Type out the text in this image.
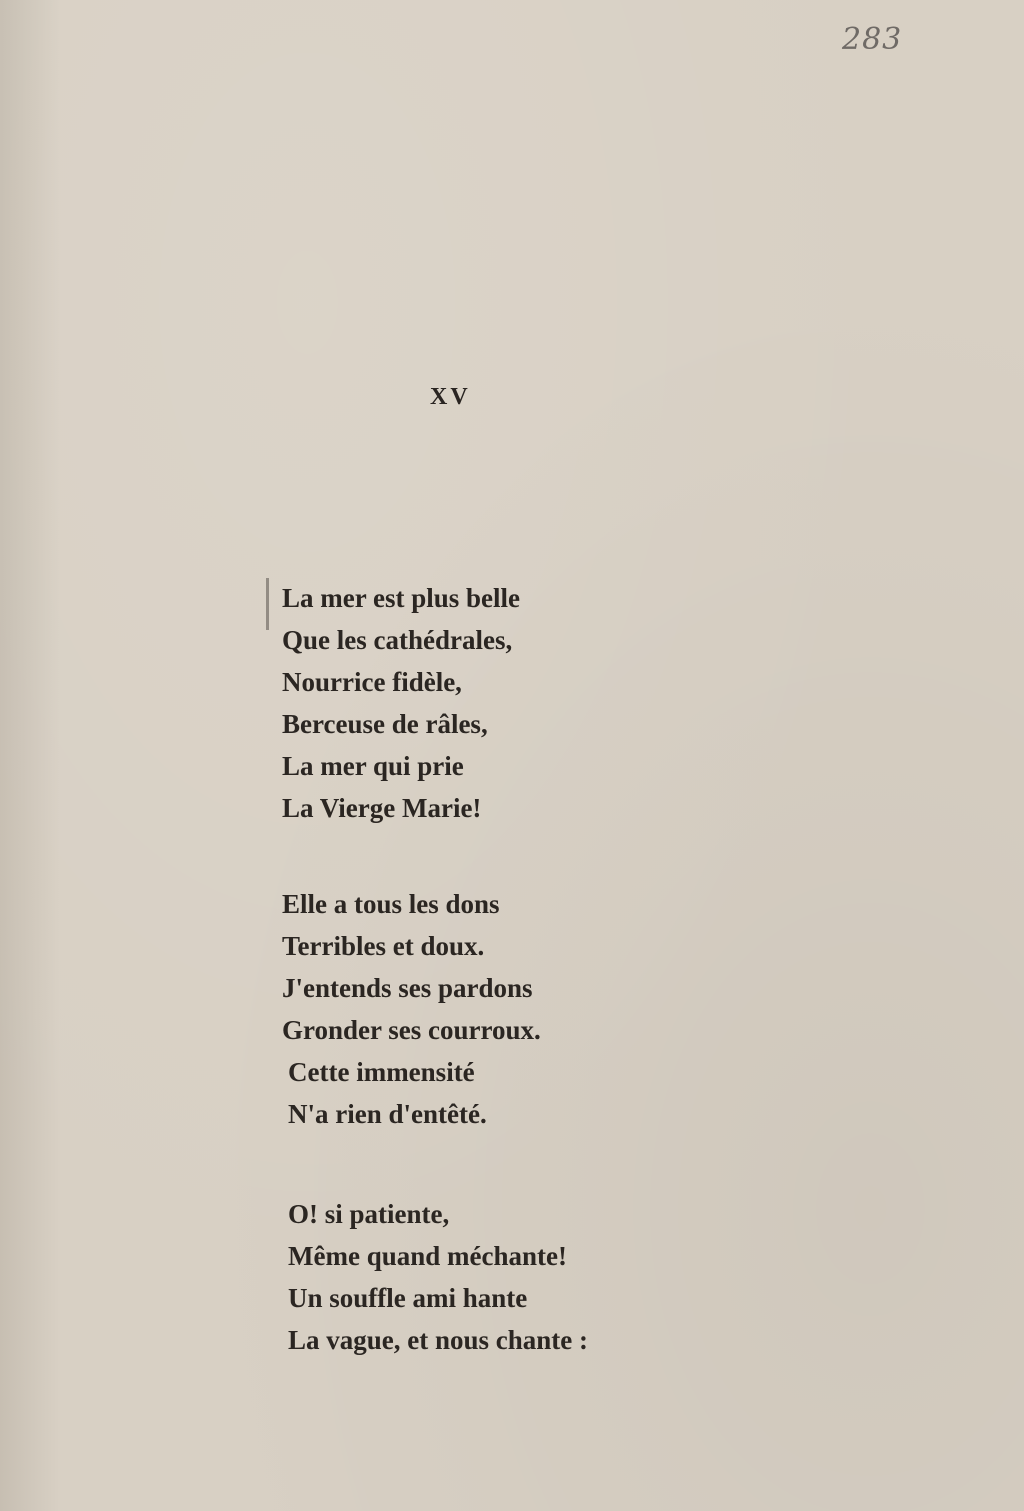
283
XV
La mer est plus belle
Que les cathédrales,
Nourrice fidèle,
Berceuse de râles,
La mer qui prie
La Vierge Marie!
Elle a tous les dons
Terribles et doux.
J'entends ses pardons
Gronder ses courroux.
Cette immensité
N'a rien d'entêté.
O! si patiente,
Même quand méchante!
Un souffle ami hante
La vague, et nous chante :
